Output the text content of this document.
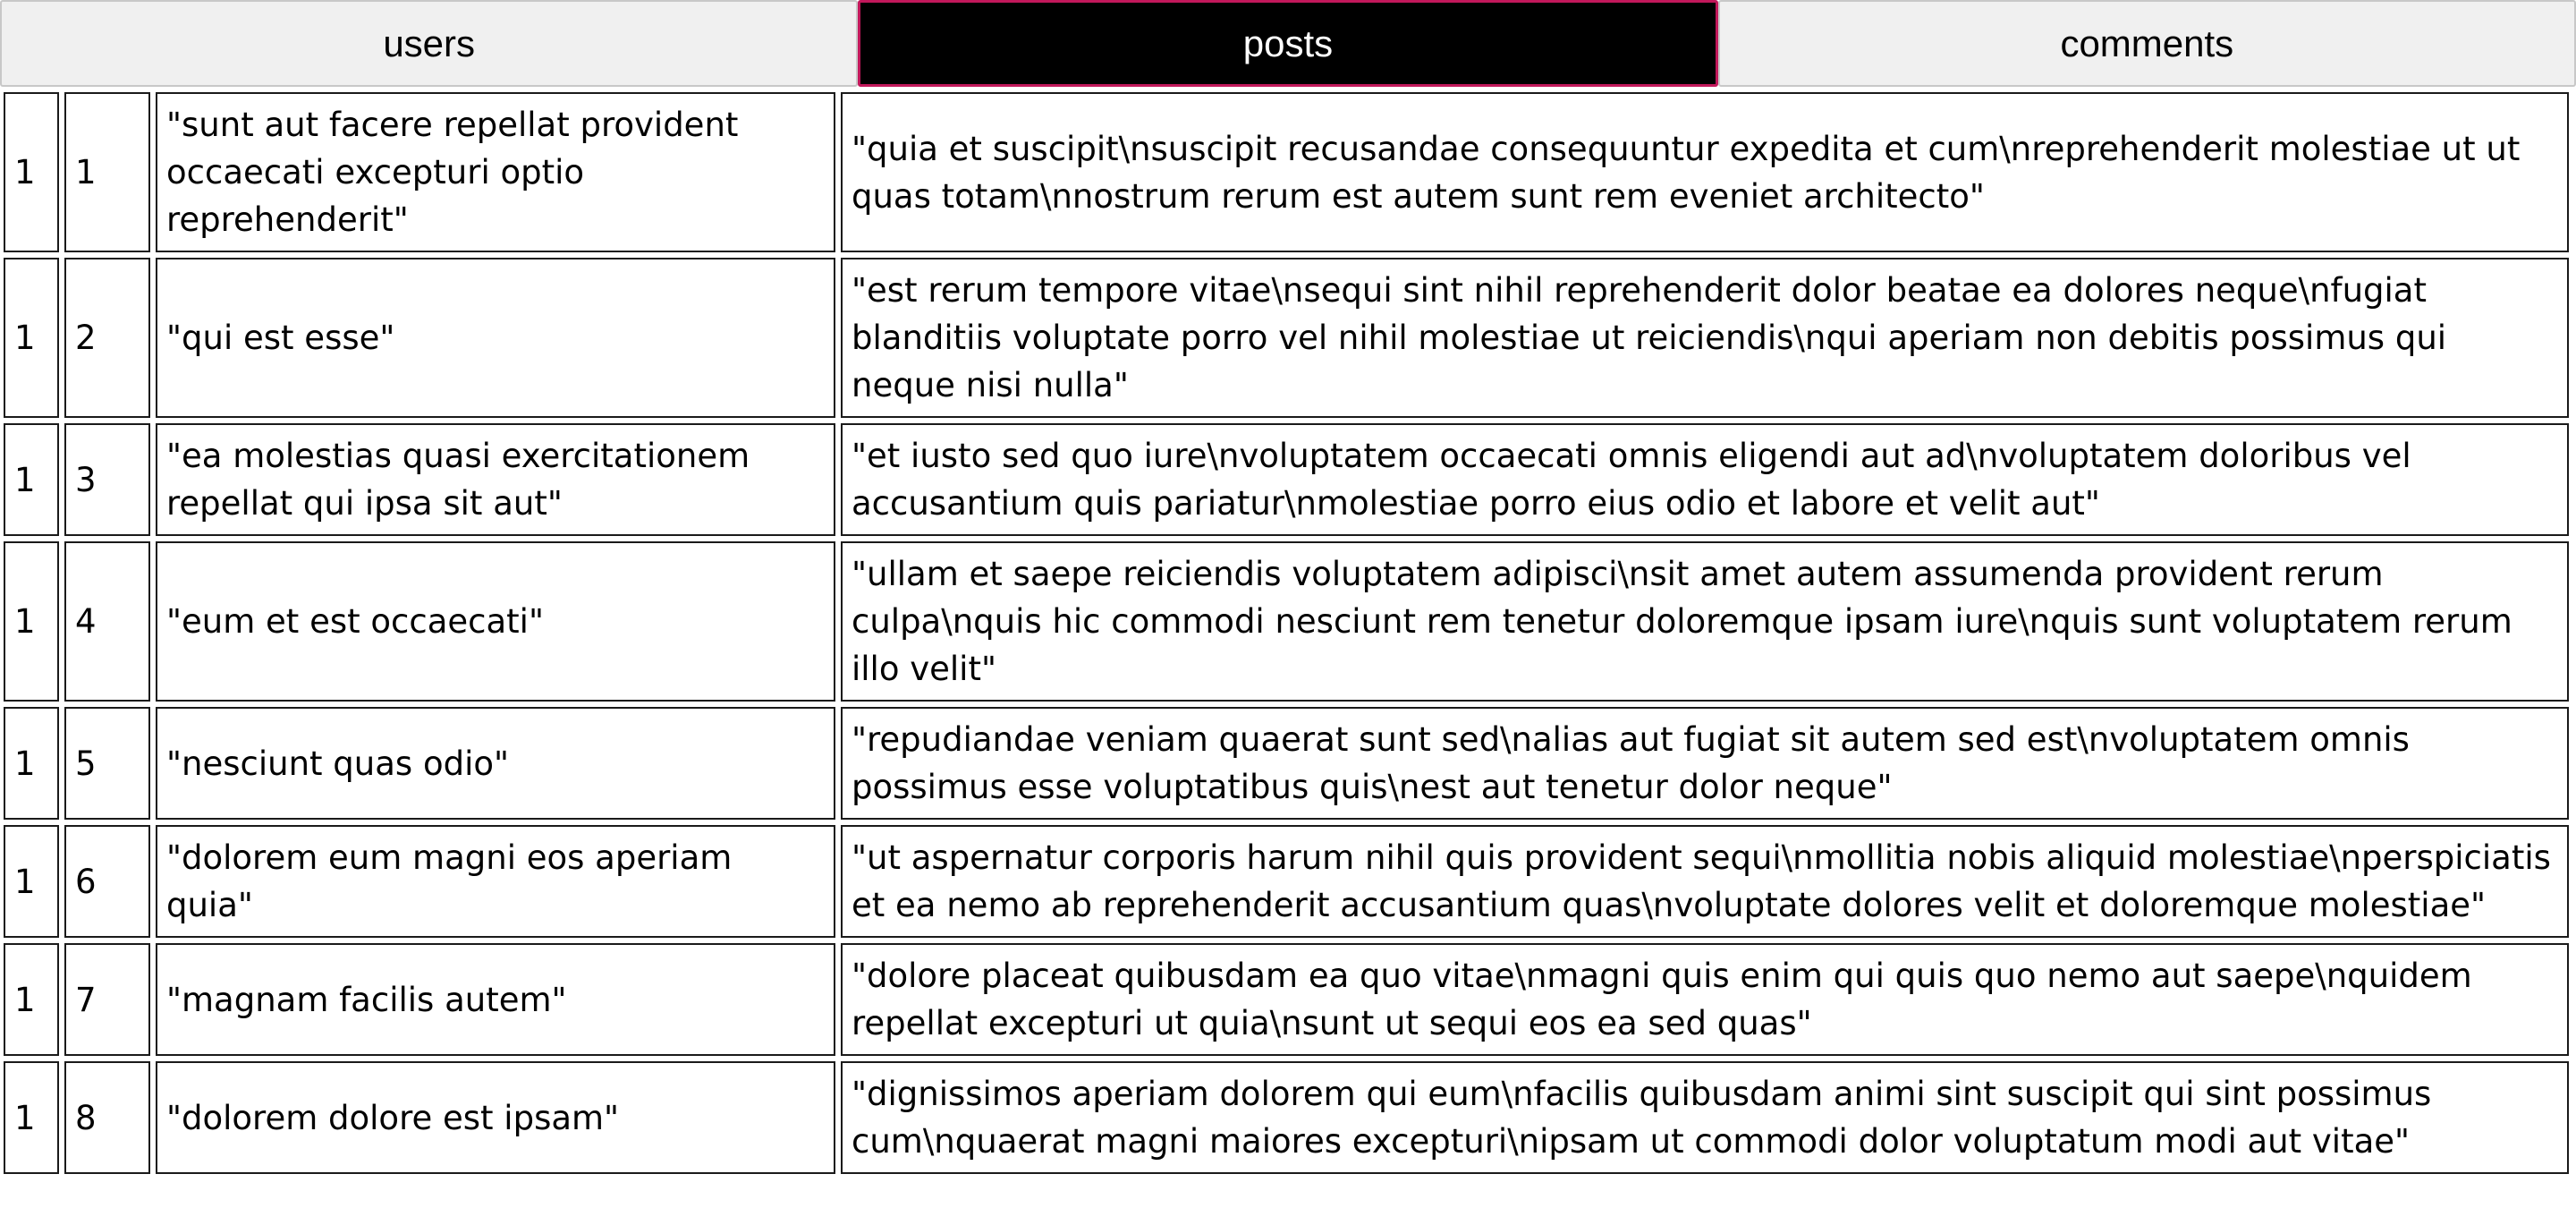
users	posts	comments
1	1	"sunt aut facere repellat provident occaecati excepturi optio reprehenderit"	"quia et suscipit\nsuscipit recusandae consequuntur expedita et cum\nreprehenderit molestiae ut ut quas totam\nnostrum rerum est autem sunt rem eveniet architecto"
1	2	"qui est esse"	"est rerum tempore vitae\nsequi sint nihil reprehenderit dolor beatae ea dolores neque\nfugiat blanditiis voluptate porro vel nihil molestiae ut reiciendis\nqui aperiam non debitis possimus qui neque nisi nulla"
1	3	"ea molestias quasi exercitationem repellat qui ipsa sit aut"	"et iusto sed quo iure\nvoluptatem occaecati omnis eligendi aut ad\nvoluptatem doloribus vel accusantium quis pariatur\nmolestiae porro eius odio et labore et velit aut"
1	4	"eum et est occaecati"	"ullam et saepe reiciendis voluptatem adipisci\nsit amet autem assumenda provident rerum culpa\nquis hic commodi nesciunt rem tenetur doloremque ipsam iure\nquis sunt voluptatem rerum illo velit"
1	5	"nesciunt quas odio"	"repudiandae veniam quaerat sunt sed\nalias aut fugiat sit autem sed est\nvoluptatem omnis possimus esse voluptatibus quis\nest aut tenetur dolor neque"
1	6	"dolorem eum magni eos aperiam quia"	"ut aspernatur corporis harum nihil quis provident sequi\nmollitia nobis aliquid molestiae\nperspiciatis et ea nemo ab reprehenderit accusantium quas\nvoluptate dolores velit et doloremque molestiae"
1	7	"magnam facilis autem"	"dolore placeat quibusdam ea quo vitae\nmagni quis enim qui quis quo nemo aut saepe\nquidem repellat excepturi ut quia\nsunt ut sequi eos ea sed quas"
1	8	"dolorem dolore est ipsam"	"dignissimos aperiam dolorem qui eum\nfacilis quibusdam animi sint suscipit qui sint possimus cum\nquaerat magni maiores excepturi\nipsam ut commodi dolor voluptatum modi aut vitae"
